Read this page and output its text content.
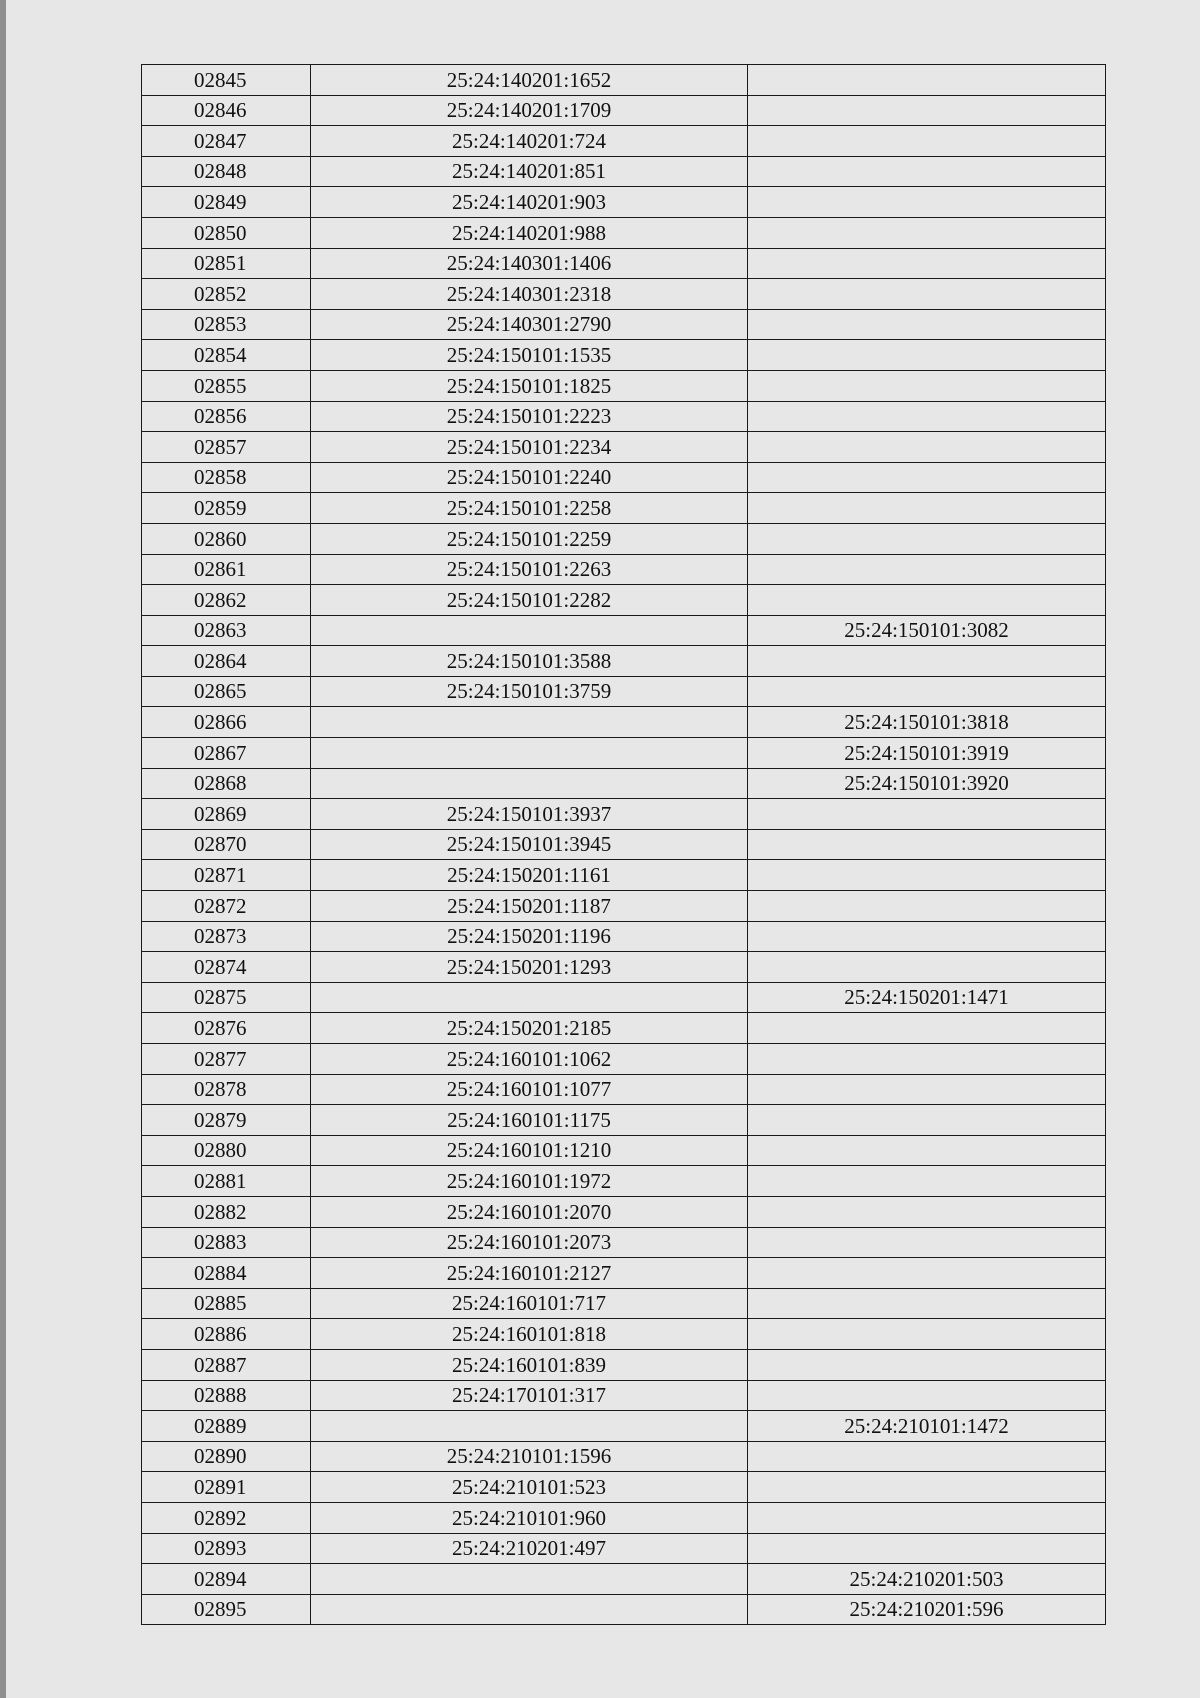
02845	25:24:140201:1652	
02846	25:24:140201:1709	
02847	25:24:140201:724	
02848	25:24:140201:851	
02849	25:24:140201:903	
02850	25:24:140201:988	
02851	25:24:140301:1406	
02852	25:24:140301:2318	
02853	25:24:140301:2790	
02854	25:24:150101:1535	
02855	25:24:150101:1825	
02856	25:24:150101:2223	
02857	25:24:150101:2234	
02858	25:24:150101:2240	
02859	25:24:150101:2258	
02860	25:24:150101:2259	
02861	25:24:150101:2263	
02862	25:24:150101:2282	
02863		25:24:150101:3082
02864	25:24:150101:3588	
02865	25:24:150101:3759	
02866		25:24:150101:3818
02867		25:24:150101:3919
02868		25:24:150101:3920
02869	25:24:150101:3937	
02870	25:24:150101:3945	
02871	25:24:150201:1161	
02872	25:24:150201:1187	
02873	25:24:150201:1196	
02874	25:24:150201:1293	
02875		25:24:150201:1471
02876	25:24:150201:2185	
02877	25:24:160101:1062	
02878	25:24:160101:1077	
02879	25:24:160101:1175	
02880	25:24:160101:1210	
02881	25:24:160101:1972	
02882	25:24:160101:2070	
02883	25:24:160101:2073	
02884	25:24:160101:2127	
02885	25:24:160101:717	
02886	25:24:160101:818	
02887	25:24:160101:839	
02888	25:24:170101:317	
02889		25:24:210101:1472
02890	25:24:210101:1596	
02891	25:24:210101:523	
02892	25:24:210101:960	
02893	25:24:210201:497	
02894		25:24:210201:503
02895		25:24:210201:596
